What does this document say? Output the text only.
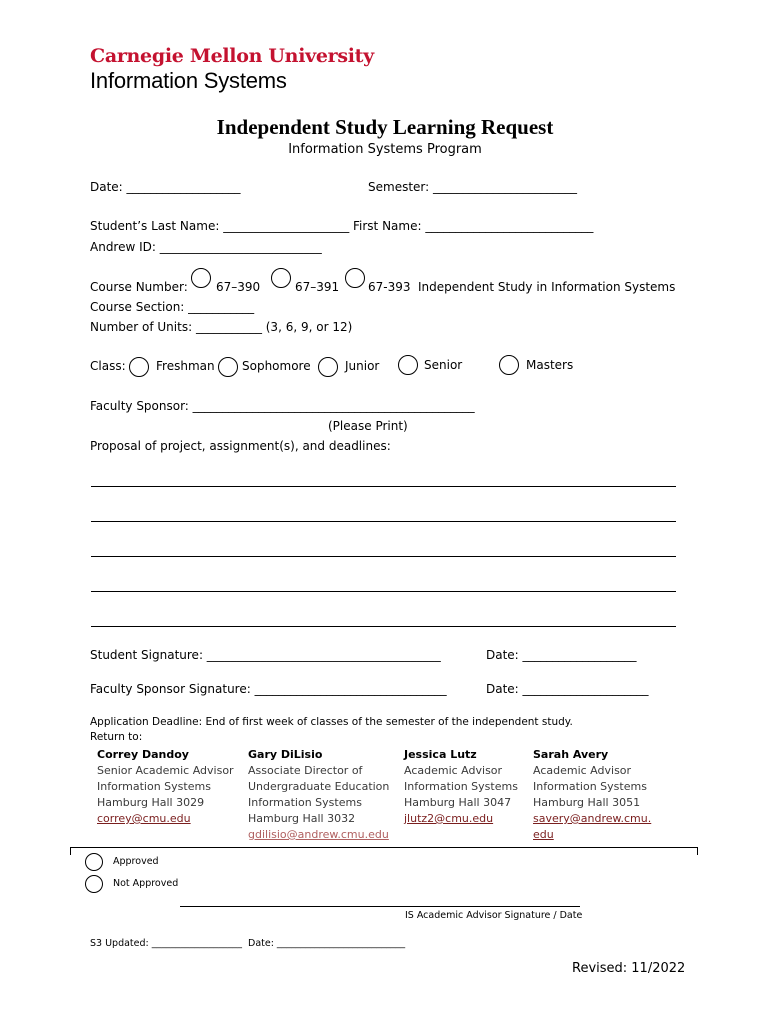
Carnegie Mellon University
Information Systems
Independent Study Learning Request
Information Systems Program
Date: ___________________	Semester: ________________________
Student’s Last Name: _____________________ First Name: ____________________________
Andrew ID: ___________________________
Course Number: 67–390	67–391 67-393 Independent Study in Information Systems
Course Section: ___________
Number of Units: ___________ (3, 6, 9, or 12)
Class:	Freshman Sophomore	Junior	Senior	Masters
Faculty Sponsor: _______________________________________________
(Please Print)
Proposal of project, assignment(s), and deadlines:
Student Signature: _______________________________________	Date: ___________________
Faculty Sponsor Signature: ________________________________	Date: _____________________
Application Deadline: End of first week of classes of the semester of the independent study.
Return to:
Correy Dandoy
Senior Academic Advisor
Information Systems
Hamburg Hall 3029
correy@cmu.edu
Gary DiLisio
Associate Director of
Undergraduate Education
Information Systems
Hamburg Hall 3032
gdilisio@andrew.cmu.edu
Jessica Lutz
Academic Advisor
Information Systems
Hamburg Hall 3047
jlutz2@cmu.edu
Sarah Avery
Academic Advisor
Information Systems
Hamburg Hall 3051
savery@andrew.cmu.
edu
Approved
Not Approved
IS Academic Advisor Signature / Date
S3 Updated: ___________________ Date: ___________________________
Revised: 11/2022
